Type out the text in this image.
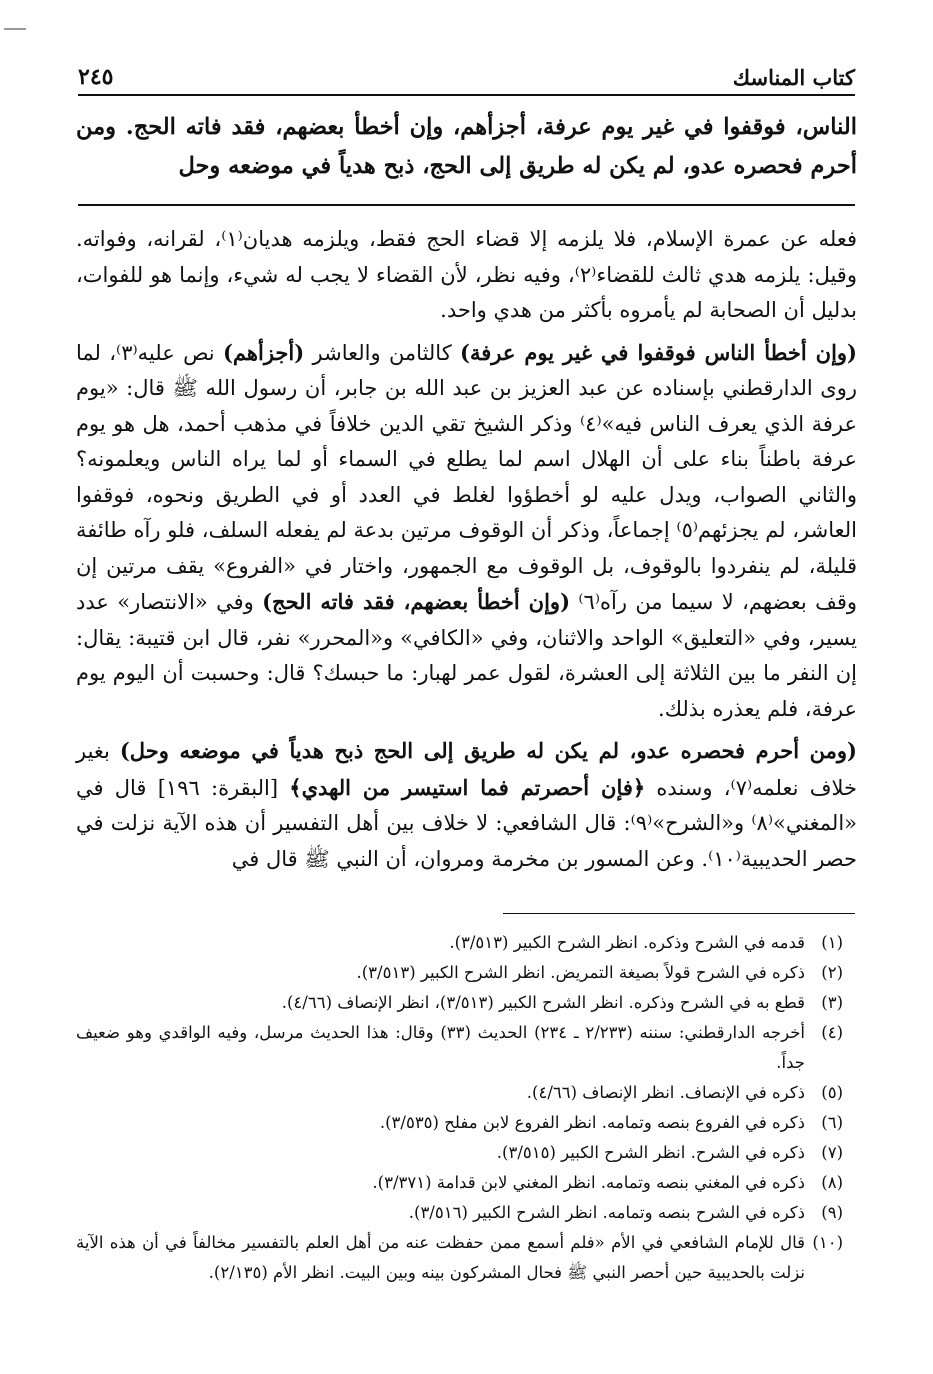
كتاب المناسك
٢٤٥

الناس، فوقفوا في غير يوم عرفة، أجزأهم، وإن أخطأ بعضهم، فقد فاته الحج. ومن أحرم فحصره عدو، لم يكن له طريق إلى الحج، ذبح هدياً في موضعه وحل

فعله عن عمرة الإسلام، فلا يلزمه إلا قضاء الحج فقط، ويلزمه هديان⁽١⁾، لقرانه، وفواته. وقيل: يلزمه هدي ثالث للقضاء⁽٢⁾، وفيه نظر، لأن القضاء لا يجب له شيء، وإنما هو للفوات، بدليل أن الصحابة لم يأمروه بأكثر من هدي واحد.

(وإن أخطأ الناس فوقفوا في غير يوم عرفة) كالثامن والعاشر (أجزأهم) نص عليه⁽٣⁾، لما روى الدارقطني بإسناده عن عبد العزيز بن عبد الله بن جابر، أن رسول الله ﷺ قال: «يوم عرفة الذي يعرف الناس فيه»⁽٤⁾ وذكر الشيخ تقي الدين خلافاً في مذهب أحمد، هل هو يوم عرفة باطناً بناء على أن الهلال اسم لما يطلع في السماء أو لما يراه الناس ويعلمونه؟ والثاني الصواب، ويدل عليه لو أخطؤوا لغلط في العدد أو في الطريق ونحوه، فوقفوا العاشر، لم يجزئهم⁽٥⁾ إجماعاً، وذكر أن الوقوف مرتين بدعة لم يفعله السلف، فلو رآه طائفة قليلة، لم ينفردوا بالوقوف، بل الوقوف مع الجمهور، واختار في «الفروع» يقف مرتين إن وقف بعضهم، لا سيما من رآه⁽٦⁾ (وإن أخطأ بعضهم، فقد فاته الحج) وفي «الانتصار» عدد يسير، وفي «التعليق» الواحد والاثنان، وفي «الكافي» و«المحرر» نفر، قال ابن قتيبة: يقال: إن النفر ما بين الثلاثة إلى العشرة، لقول عمر لهبار: ما حبسك؟ قال: وحسبت أن اليوم يوم عرفة، فلم يعذره بذلك.

(ومن أحرم فحصره عدو، لم يكن له طريق إلى الحج ذبح هدياً في موضعه وحل) بغير خلاف نعلمه⁽٧⁾، وسنده ﴿فإن أحصرتم فما استيسر من الهدي﴾ [البقرة: ١٩٦] قال في «المغني»⁽٨⁾ و«الشرح»⁽٩⁾: قال الشافعي: لا خلاف بين أهل التفسير أن هذه الآية نزلت في حصر الحديبية⁽١٠⁾. وعن المسور بن مخرمة ومروان، أن النبي ﷺ قال في

(١)
قدمه في الشرح وذكره. انظر الشرح الكبير (٣/٥١٣).
(٢)
ذكره في الشرح قولاً بصيغة التمريض. انظر الشرح الكبير (٣/٥١٣).
(٣)
قطع به في الشرح وذكره. انظر الشرح الكبير (٣/٥١٣)، انظر الإنصاف (٤/٦٦).
(٤)
أخرجه الدارقطني: سننه (٢/٢٣٣ ـ ٢٣٤) الحديث (٣٣) وقال: هذا الحديث مرسل، وفيه الواقدي وهو ضعيف جداً.
(٥)
ذكره في الإنصاف. انظر الإنصاف (٤/٦٦).
(٦)
ذكره في الفروع بنصه وتمامه. انظر الفروع لابن مفلح (٣/٥٣٥).
(٧)
ذكره في الشرح. انظر الشرح الكبير (٣/٥١٥).
(٨)
ذكره في المغني بنصه وتمامه. انظر المغني لابن قدامة (٣/٣٧١).
(٩)
ذكره في الشرح بنصه وتمامه. انظر الشرح الكبير (٣/٥١٦).
(١٠)
قال للإمام الشافعي في الأم «فلم أسمع ممن حفظت عنه من أهل العلم بالتفسير مخالفاً في أن هذه الآية نزلت بالحديبية حين أحصر النبي ﷺ فحال المشركون بينه وبين البيت. انظر الأم (٢/١٣٥).
